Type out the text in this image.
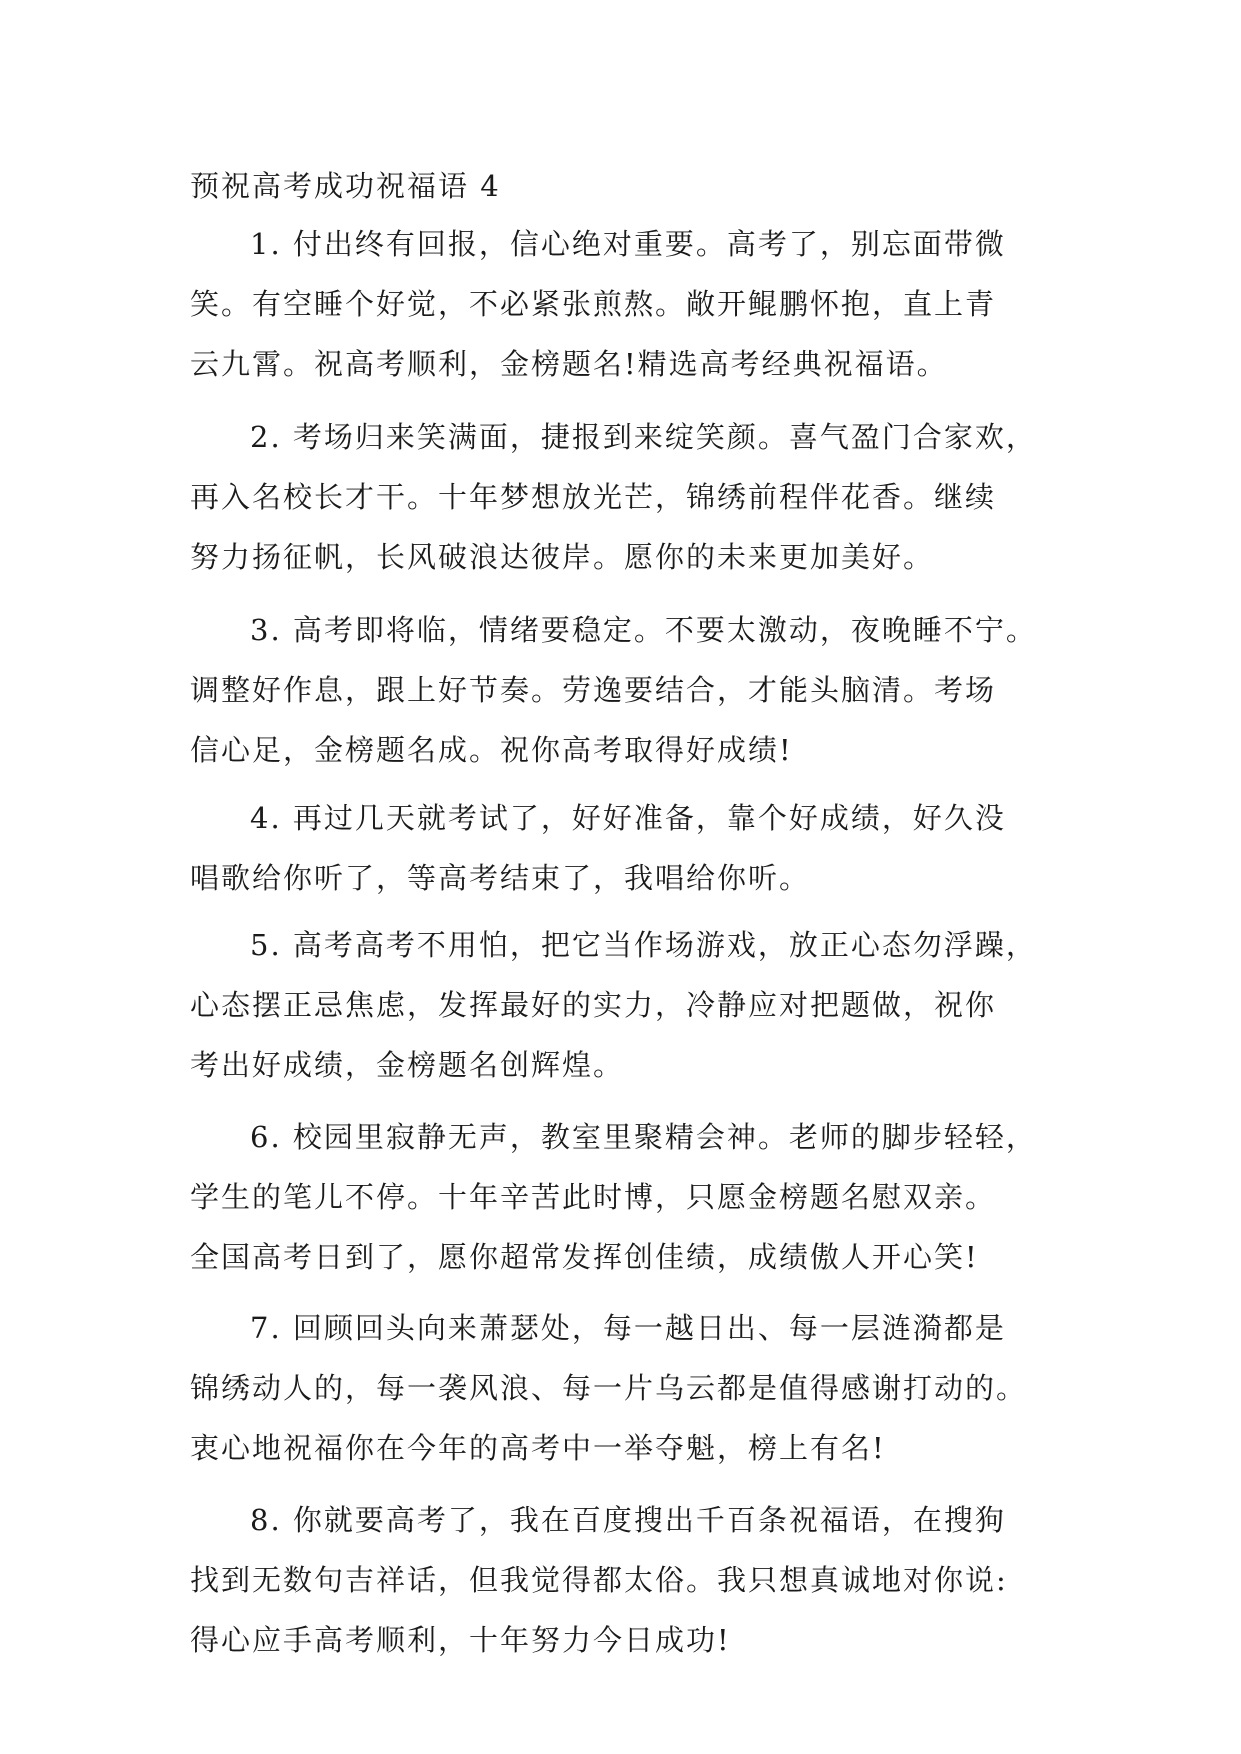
预祝高考成功祝福语 4
1. 付出终有回报，信心绝对重要。高考了，别忘面带微
笑。有空睡个好觉，不必紧张煎熬。敞开鲲鹏怀抱，直上青
云九霄。祝高考顺利，金榜题名!精选高考经典祝福语。
2. 考场归来笑满面，捷报到来绽笑颜。喜气盈门合家欢，
再入名校长才干。十年梦想放光芒，锦绣前程伴花香。继续
努力扬征帆，长风破浪达彼岸。愿你的未来更加美好。
3. 高考即将临，情绪要稳定。不要太激动，夜晚睡不宁。
调整好作息，跟上好节奏。劳逸要结合，才能头脑清。考场
信心足，金榜题名成。祝你高考取得好成绩!
4. 再过几天就考试了，好好准备，靠个好成绩，好久没
唱歌给你听了，等高考结束了，我唱给你听。
5. 高考高考不用怕，把它当作场游戏，放正心态勿浮躁，
心态摆正忌焦虑，发挥最好的实力，冷静应对把题做，祝你
考出好成绩，金榜题名创辉煌。
6. 校园里寂静无声，教室里聚精会神。老师的脚步轻轻，
学生的笔儿不停。十年辛苦此时博，只愿金榜题名慰双亲。
全国高考日到了，愿你超常发挥创佳绩，成绩傲人开心笑!
7. 回顾回头向来萧瑟处，每一越日出、每一层涟漪都是
锦绣动人的，每一袭风浪、每一片乌云都是值得感谢打动的。
衷心地祝福你在今年的高考中一举夺魁，榜上有名!
8. 你就要高考了，我在百度搜出千百条祝福语，在搜狗
找到无数句吉祥话，但我觉得都太俗。我只想真诚地对你说:
得心应手高考顺利，十年努力今日成功!
